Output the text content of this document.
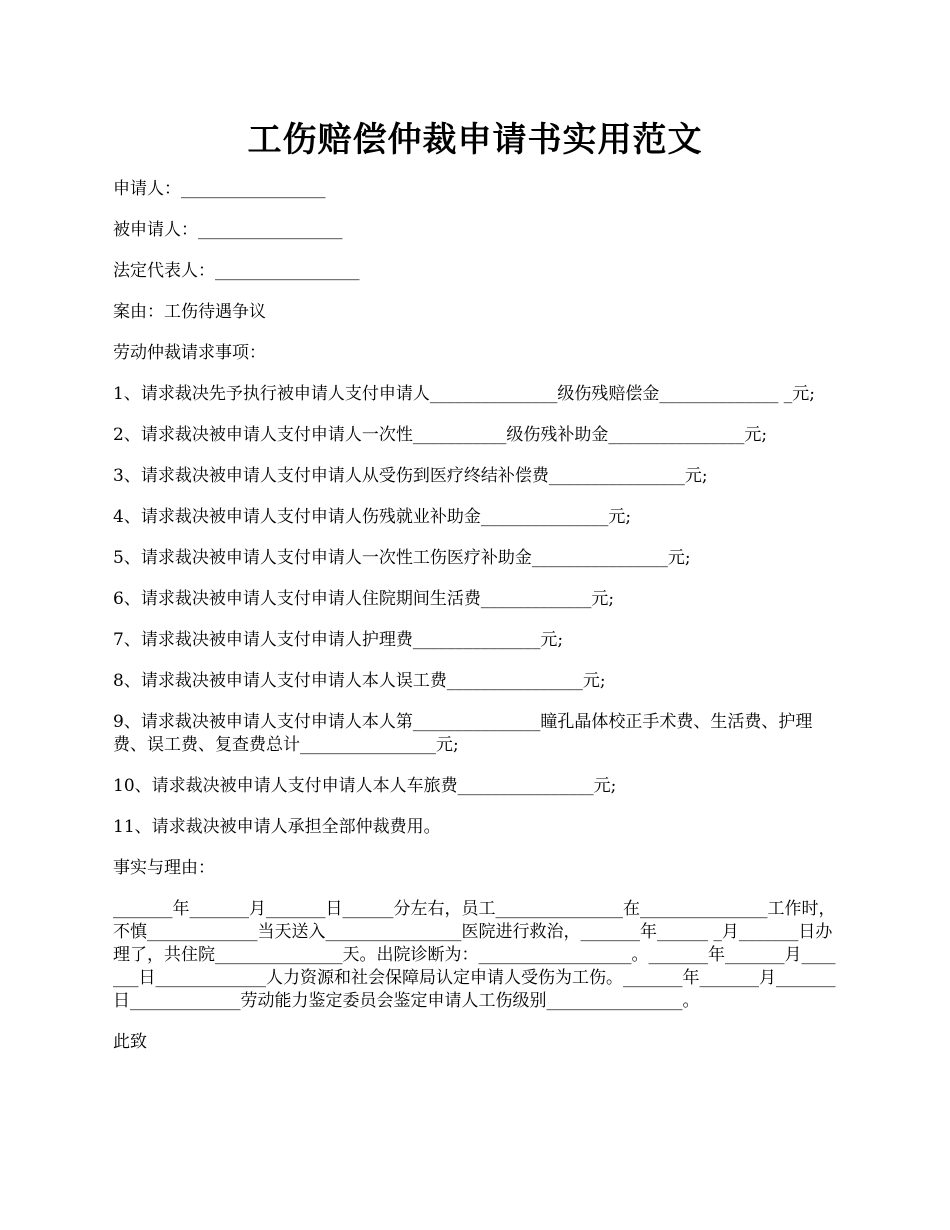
工伤赔偿仲裁申请书实用范文

申请人：_________________

被申请人：_________________

法定代表人：_________________

案由：工伤待遇争议

劳动仲裁请求事项：

1、请求裁决先予执行被申请人支付申请人_______________级伤残赔偿金______________ _元;

2、请求裁决被申请人支付申请人一次性___________级伤残补助金________________元;

3、请求裁决被申请人支付申请人从受伤到医疗终结补偿费________________元;

4、请求裁决被申请人支付申请人伤残就业补助金_______________元;

5、请求裁决被申请人支付申请人一次性工伤医疗补助金________________元;

6、请求裁决被申请人支付申请人住院期间生活费_____________元;

7、请求裁决被申请人支付申请人护理费_______________元;

8、请求裁决被申请人支付申请人本人误工费________________元;

9、请求裁决被申请人支付申请人本人第_______________瞳孔晶体校正手术费、生活费、护理费、误工费、复查费总计________________元;

10、请求裁决被申请人支付申请人本人车旅费________________元;

11、请求裁决被申请人承担全部仲裁费用。

事实与理由：

_______年_______月_______日______分左右，员工_______________在_______________工作时，不慎_____________当天送入________________医院进行救治，_______年______ _月_______日办理了，共住院_______________天。出院诊断为：__________________。_______年_______月_______日_____________人力资源和社会保障局认定申请人受伤为工伤。_______年_______月_______日_____________劳动能力鉴定委员会鉴定申请人工伤级别________________。

此致
